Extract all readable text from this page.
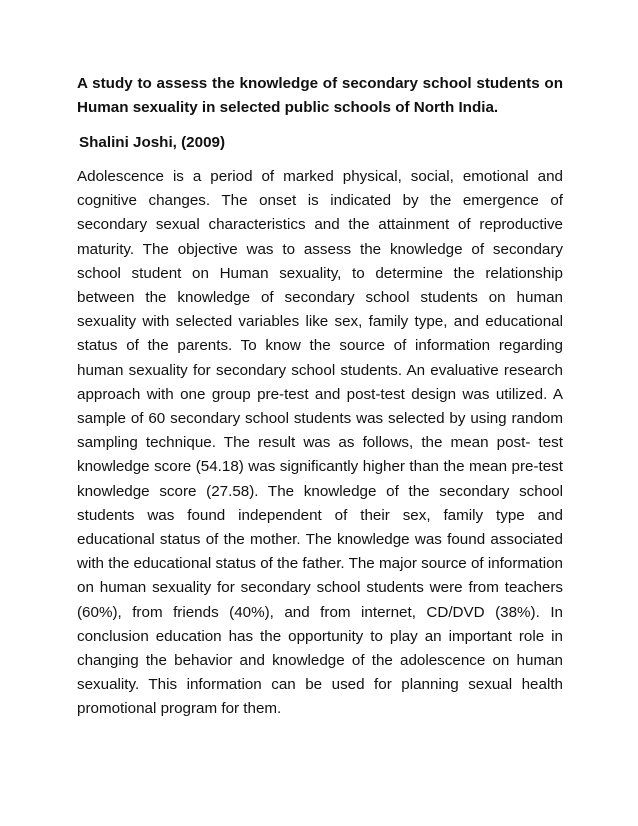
A study to assess the knowledge of secondary school students on Human sexuality in selected public schools of North India.

Shalini Joshi, (2009)

Adolescence is a period of marked physical, social, emotional and cognitive changes. The onset is indicated by the emergence of secondary sexual characteristics and the attainment of reproductive maturity. The objective was to assess the knowledge of secondary school student on Human sexuality, to determine the relationship between the knowledge of secondary school students on human sexuality with selected variables like sex, family type, and educational status of the parents. To know the source of information regarding human sexuality for secondary school students. An evaluative research approach with one group pre-test and post-test design was utilized. A sample of 60 secondary school students was selected by using random sampling technique. The result was as follows, the mean post- test knowledge score (54.18) was significantly higher than the mean pre-test knowledge score (27.58). The knowledge of the secondary school students was found independent of their sex, family type and educational status of the mother. The knowledge was found associated with the educational status of the father. The major source of information on human sexuality for secondary school students were from teachers (60%), from friends (40%), and from internet, CD/DVD (38%). In conclusion education has the opportunity to play an important role in changing the behavior and knowledge of the adolescence on human sexuality. This information can be used for planning sexual health promotional program for them.
